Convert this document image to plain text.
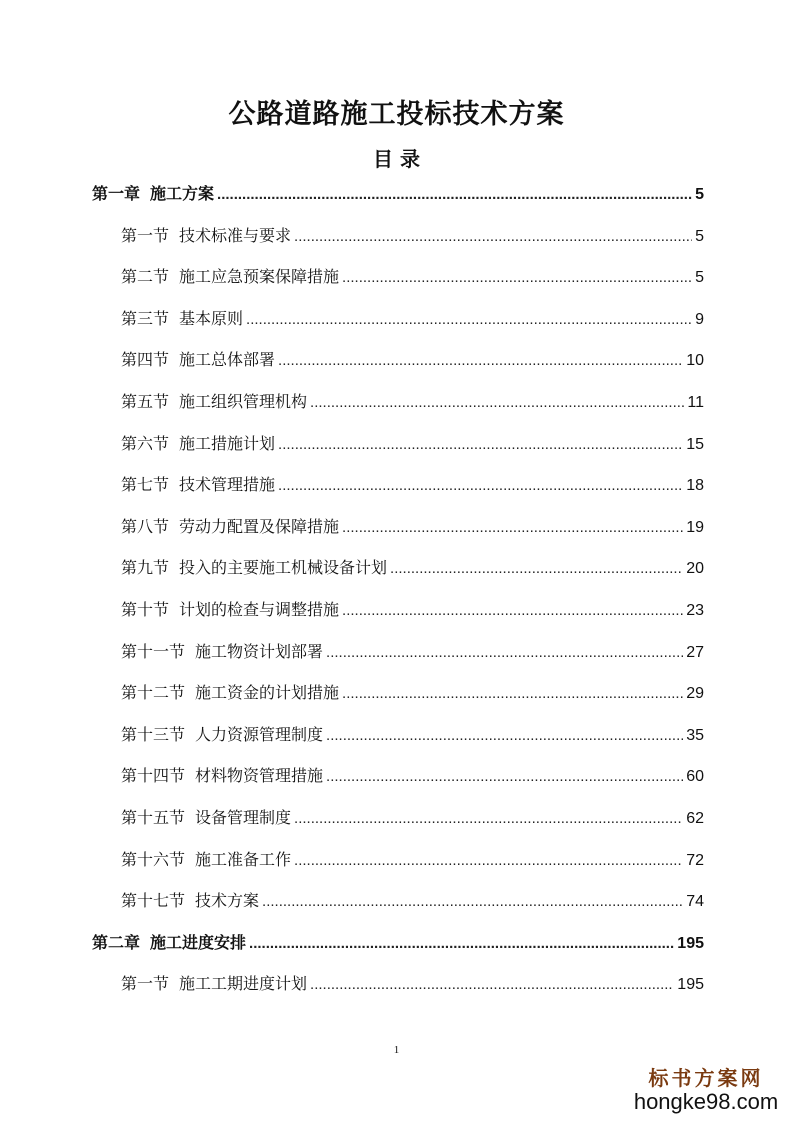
公路道路施工投标技术方案
目 录
第一章 施工方案 .....	5
第一节 技术标准与要求 .....	5
第二节 施工应急预案保障措施 .....	5
第三节 基本原则 .....	9
第四节 施工总体部署 .....	10
第五节 施工组织管理机构 .....	11
第六节 施工措施计划 .....	15
第七节 技术管理措施 .....	18
第八节 劳动力配置及保障措施 .....	19
第九节 投入的主要施工机械设备计划 .....	20
第十节 计划的检查与调整措施 .....	23
第十一节 施工物资计划部署 .....	27
第十二节 施工资金的计划措施 .....	29
第十三节 人力资源管理制度 .....	35
第十四节 材料物资管理措施 .....	60
第十五节 设备管理制度 .....	62
第十六节 施工准备工作 .....	72
第十七节 技术方案 .....	74
第二章 施工进度安排 .....	195
第一节 施工工期进度计划 .....	195
1
标书方案网
hongke98.com
